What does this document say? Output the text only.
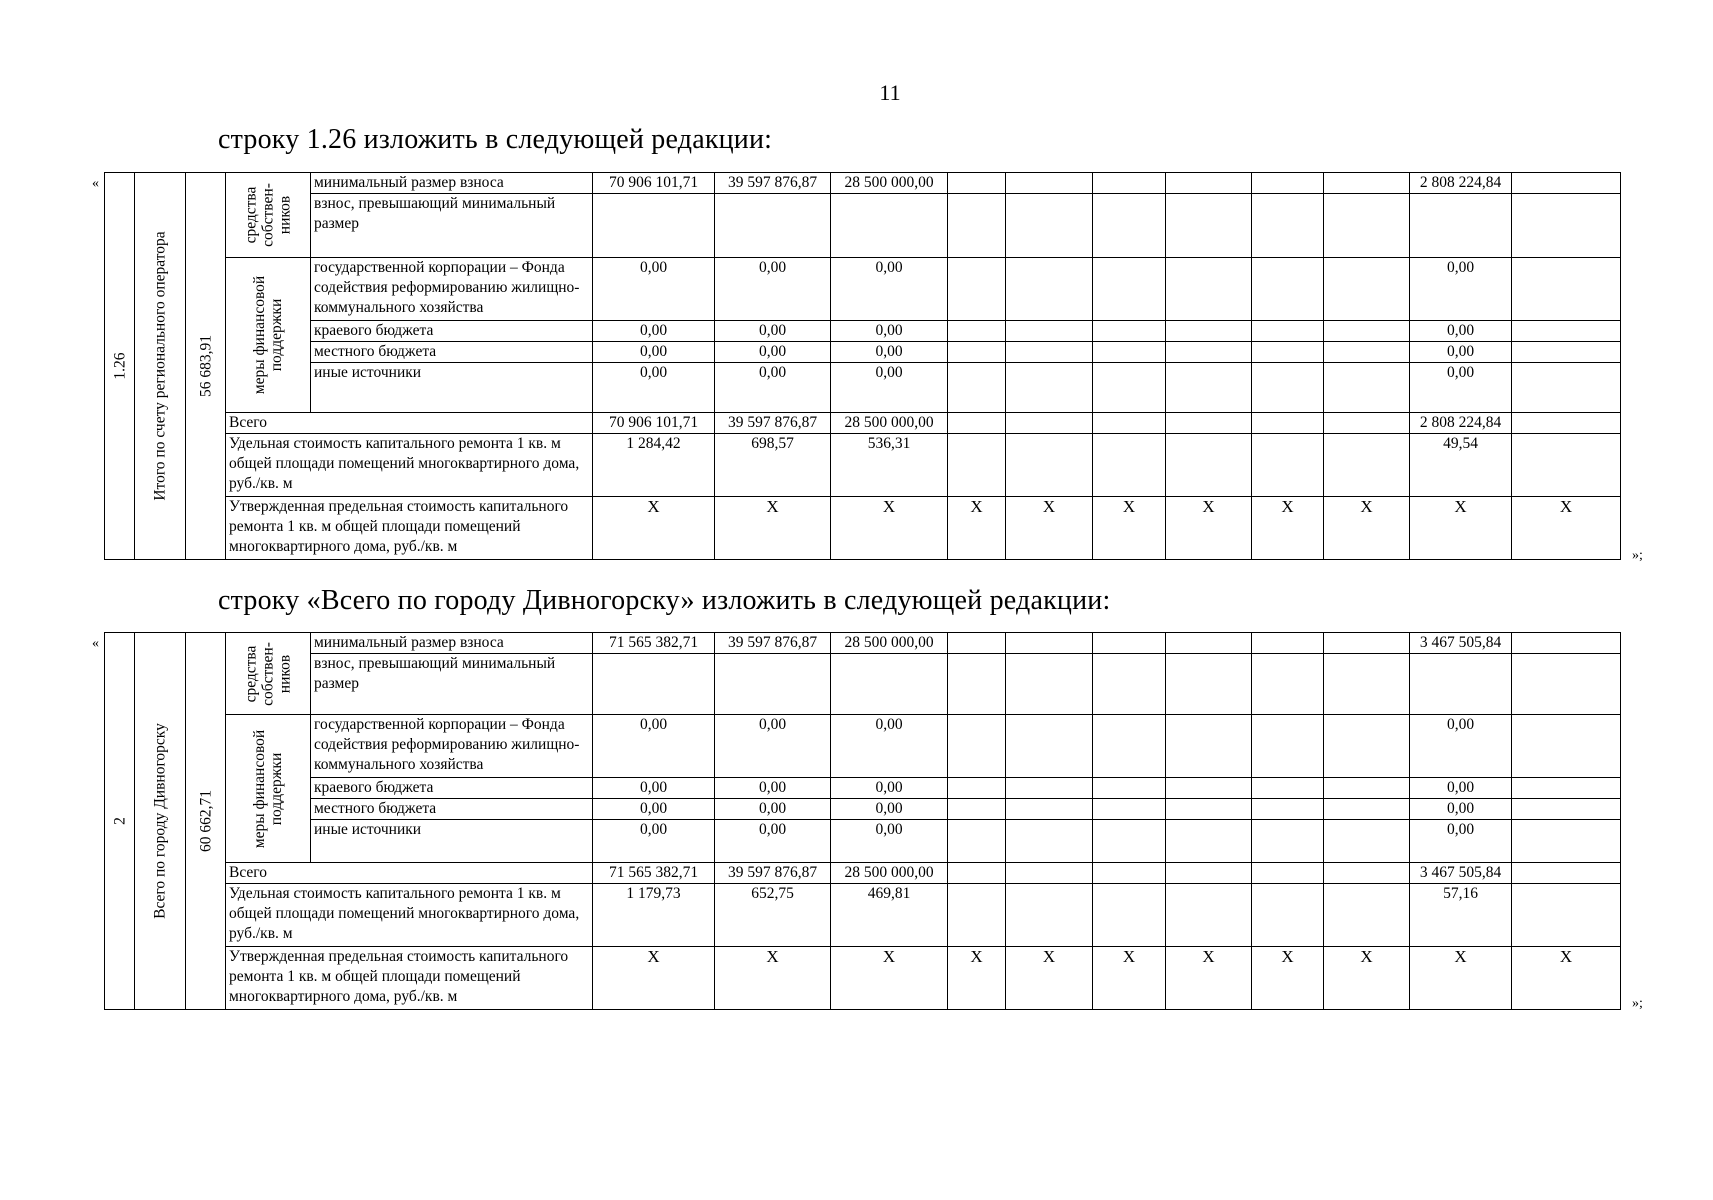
11
строку 1.26 изложить в следующей редакции:
«
»;
1.26	Итого по счету регионального оператора	56 683,91	средства собствен-ников	минимальный размер взноса	70 906 101,71	39 597 876,87	28 500 000,00							2 808 224,84	
				взнос, превышающий минимальный размер											

			меры финансовой поддержки	государственной корпорации – Фонда содействия реформированию жилищно-коммунального хозяйства	0,00	0,00	0,00							0,00	
				краевого бюджета	0,00	0,00	0,00							0,00	
				местного бюджета	0,00	0,00	0,00							0,00	
				иные источники	0,00	0,00	0,00							0,00	
			Всего		70 906 101,71	39 597 876,87	28 500 000,00							2 808 224,84	
			Удельная стоимость капитального ремонта 1 кв. м общей площади помещений многоквартирного дома, руб./кв. м		1 284,42	698,57	536,31							49,54	
			Утвержденная предельная стоимость капитального ремонта 1 кв. м общей площади помещений многоквартирного дома, руб./кв. м		X	X	X	X	X	X	X	X	X	X	X
строку «Всего по городу Дивногорску» изложить в следующей редакции:
«
»;
2	Всего по городу Дивногорску	60 662,71	средства собствен-ников	минимальный размер взноса	71 565 382,71	39 597 876,87	28 500 000,00							3 467 505,84	
				взнос, превышающий минимальный размер											

			меры финансовой поддержки	государственной корпорации – Фонда содействия реформированию жилищно-коммунального хозяйства	0,00	0,00	0,00							0,00	
				краевого бюджета	0,00	0,00	0,00							0,00	
				местного бюджета	0,00	0,00	0,00							0,00	
				иные источники	0,00	0,00	0,00							0,00	
			Всего		71 565 382,71	39 597 876,87	28 500 000,00							3 467 505,84	
			Удельная стоимость капитального ремонта 1 кв. м общей площади помещений многоквартирного дома, руб./кв. м		1 179,73	652,75	469,81							57,16	
			Утвержденная предельная стоимость капитального ремонта 1 кв. м общей площади помещений многоквартирного дома, руб./кв. м		X	X	X	X	X	X	X	X	X	X	X
